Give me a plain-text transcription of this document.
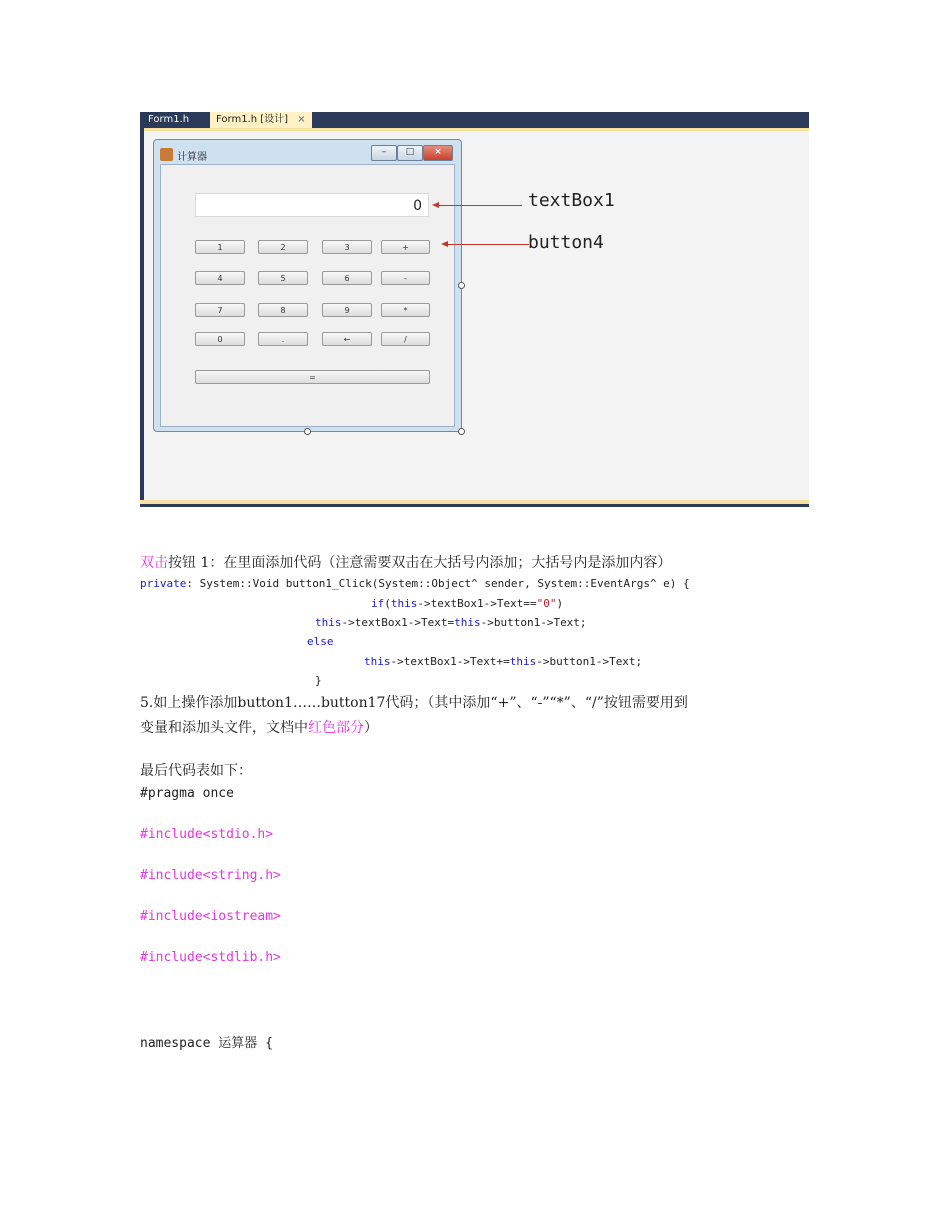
Form1.h	Form1.h [设计] ×
计算器	–	□	×
0
1	2	3	+
4	5	6	-
7	8	9	*
0	.	←	/
=
textBox1
button4
双击按钮 1：在里面添加代码（注意需要双击在大括号内添加；大括号内是添加内容）
private: System::Void button1_Click(System::Object^ sender, System::EventArgs^ e) {
if(this->textBox1->Text=="0")
this->textBox1->Text=this->button1->Text;
else
this->textBox1->Text+=this->button1->Text;
}
5.如上操作添加button1……button17代码；（其中添加“+”、“-”“*”、“/”按钮需要用到
变量和添加头文件，文档中红色部分）
最后代码表如下：
#pragma once
#include<stdio.h>
#include<string.h>
#include<iostream>
#include<stdlib.h>
namespace 运算器 {
